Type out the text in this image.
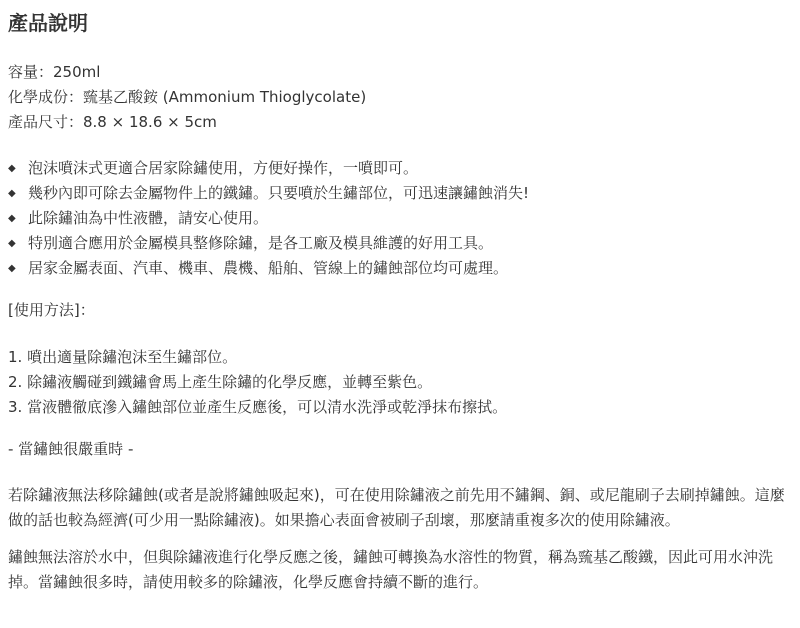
產品說明
容量：250ml
化學成份：巰基乙酸銨 (Ammonium Thioglycolate)
產品尺寸：8.8 × 18.6 × 5cm
◆ 泡沫噴沫式更適合居家除鏽使用，方便好操作，一噴即可。
◆ 幾秒內即可除去金屬物件上的鐵鏽。只要噴於生鏽部位，可迅速讓鏽蝕消失!
◆ 此除鏽油為中性液體，請安心使用。
◆ 特別適合應用於金屬模具整修除鏽，是各工廠及模具維護的好用工具。
◆ 居家金屬表面、汽車、機車、農機、船舶、管線上的鏽蝕部位均可處理。
[使用方法]：
1. 噴出適量除鏽泡沫至生鏽部位。
2. 除鏽液觸碰到鐵鏽會馬上產生除鏽的化學反應，並轉至紫色。
3. 當液體徹底滲入鏽蝕部位並產生反應後，可以清水洗淨或乾淨抹布擦拭。
- 當鏽蝕很嚴重時 -

若除鏽液無法移除鏽蝕(或者是說將鏽蝕吸起來)，可在使用除鏽液之前先用不鏽鋼、銅、或尼龍刷子去刷掉鏽蝕。這麼做的話也較為經濟(可少用一點除鏽液)。如果擔心表面會被刷子刮壞，那麼請重複多次的使用除鏽液。

鏽蝕無法溶於水中，但與除鏽液進行化學反應之後，鏽蝕可轉換為水溶性的物質，稱為巰基乙酸鐵，因此可用水沖洗掉。當鏽蝕很多時，請使用較多的除鏽液，化學反應會持續不斷的進行。
